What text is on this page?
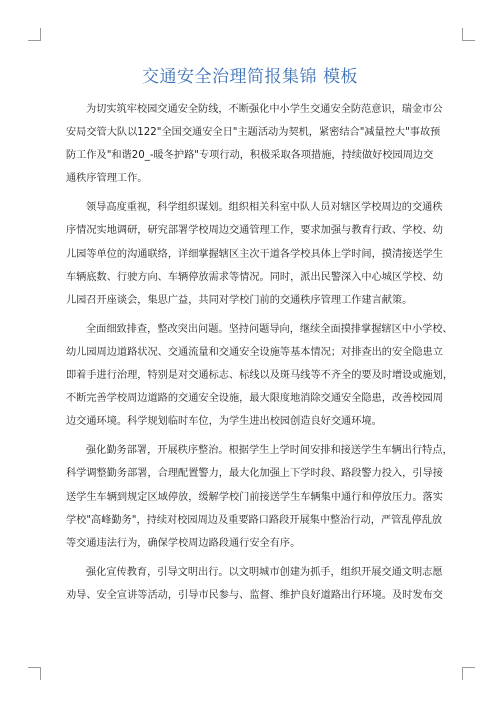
交通安全治理简报集锦 模板
为切实筑牢校园交通安全防线，不断强化中小学生交通安全防范意识，瑞金市公
安局交管大队以122"全国交通安全日"主题活动为契机，紧密结合"减量控大"事故预
防工作及"和谐20_-暖冬护路"专项行动，积极采取各项措施，持续做好校园周边交
通秩序管理工作。
领导高度重视，科学组织谋划。组织相关科室中队人员对辖区学校周边的交通秩
序情况实地调研，研究部署学校周边交通管理工作，要求加强与教育行政、学校、幼
儿园等单位的沟通联络，详细掌握辖区主次干道各学校具体上学时间，摸清接送学生
车辆底数、行驶方向、车辆停放需求等情况。同时，派出民警深入中心城区学校、幼
儿园召开座谈会，集思广益，共同对学校门前的交通秩序管理工作建言献策。
全面细致排查，整改突出问题。坚持问题导向，继续全面摸排掌握辖区中小学校、
幼儿园周边道路状况、交通流量和交通安全设施等基本情况；对排查出的安全隐患立
即着手进行治理，特别是对交通标志、标线以及斑马线等不齐全的要及时增设或施划，
不断完善学校周边道路的交通安全设施，最大限度地消除交通安全隐患，改善校园周
边交通环境。科学规划临时车位，为学生进出校园创造良好交通环境。
强化勤务部署，开展秩序整治。根据学生上学时间安排和接送学生车辆出行特点，
科学调整勤务部署，合理配置警力，最大化加强上下学时段、路段警力投入，引导接
送学生车辆到规定区域停放，缓解学校门前接送学生车辆集中通行和停放压力。落实
学校"高峰勤务"，持续对校园周边及重要路口路段开展集中整治行动，严管乱停乱放
等交通违法行为，确保学校周边路段通行安全有序。
强化宣传教育，引导文明出行。以文明城市创建为抓手，组织开展交通文明志愿
劝导、安全宣讲等活动，引导市民参与、监督、维护良好道路出行环境。及时发布交
